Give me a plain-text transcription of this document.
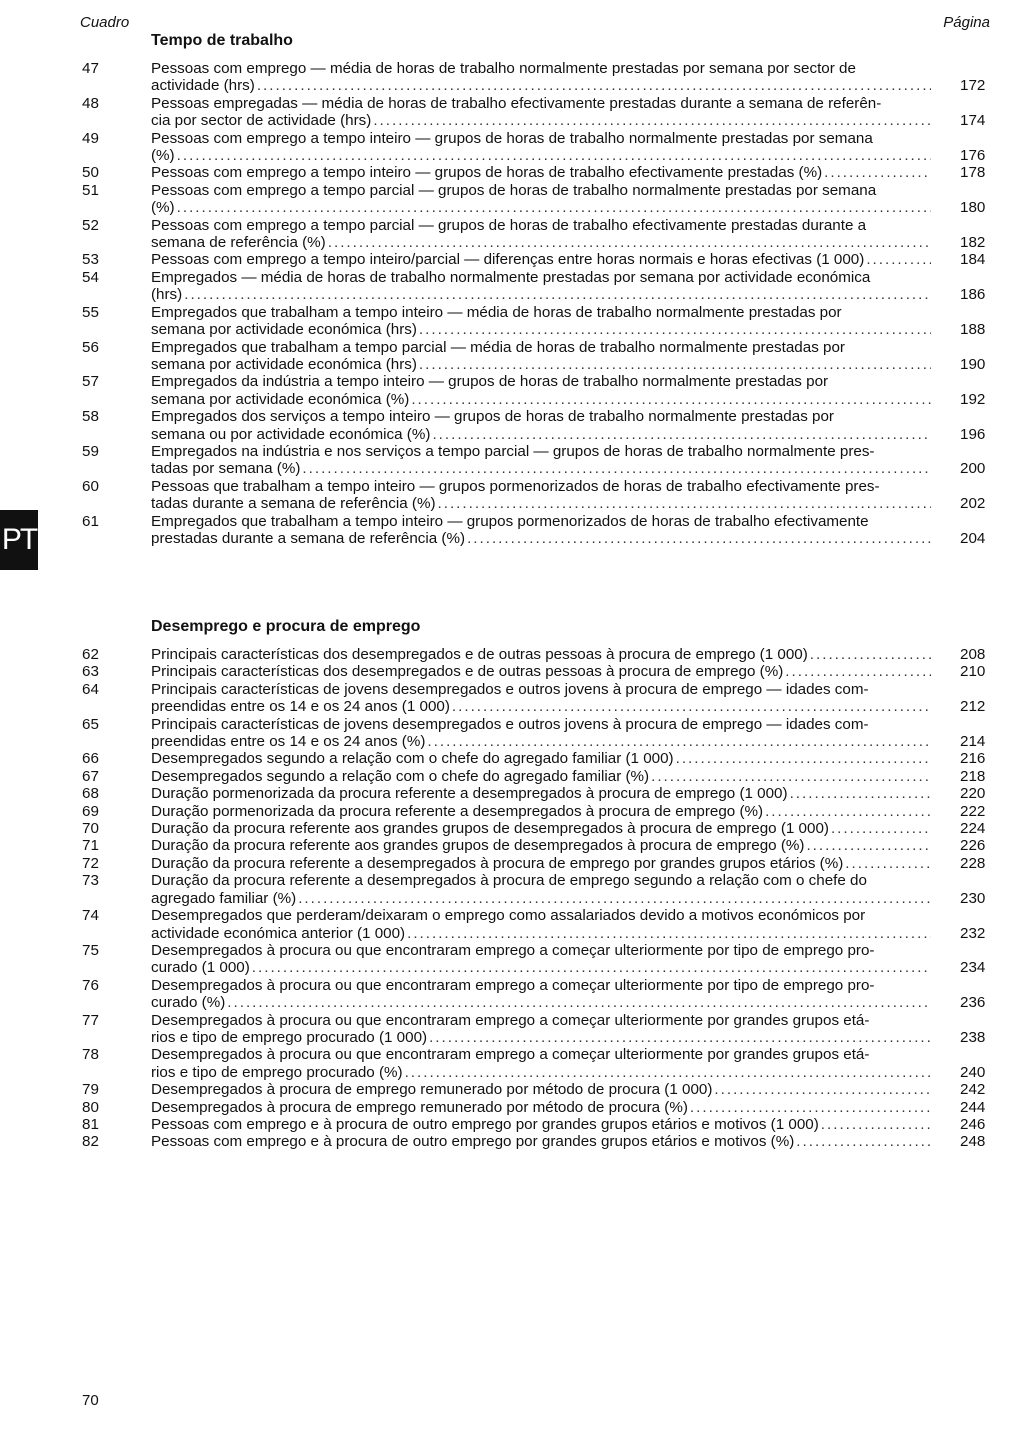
Cuadro	Página
Tempo de trabalho
47	Pessoas com emprego — média de horas de trabalho normalmente prestadas por semana por sector de
actividade (hrs) .....	172
48	Pessoas empregadas — média de horas de trabalho efectivamente prestadas durante a semana de referên-
cia por sector de actividade (hrs) .....	174
49	Pessoas com emprego a tempo inteiro — grupos de horas de trabalho normalmente prestadas por semana
(%) .....	176
50	Pessoas com emprego a tempo inteiro — grupos de horas de trabalho efectivamente prestadas (%) .....	178
51	Pessoas com emprego a tempo parcial — grupos de horas de trabalho normalmente prestadas por semana
(%) .....	180
52	Pessoas com emprego a tempo parcial — grupos de horas de trabalho efectivamente prestadas durante a
semana de referência (%) .....	182
53	Pessoas com emprego a tempo inteiro/parcial — diferenças entre horas normais e horas efectivas (1 000) .....	184
54	Empregados — média de horas de trabalho normalmente prestadas por semana por actividade económica
(hrs) .....	186
55	Empregados que trabalham a tempo inteiro — média de horas de trabalho normalmente prestadas por
semana por actividade económica (hrs) .....	188
56	Empregados que trabalham a tempo parcial — média de horas de trabalho normalmente prestadas por
semana por actividade económica (hrs) .....	190
57	Empregados da indústria a tempo inteiro — grupos de horas de trabalho normalmente prestadas por
semana por actividade económica (%) .....	192
58	Empregados dos serviços a tempo inteiro — grupos de horas de trabalho normalmente prestadas por
semana ou por actividade económica (%) .....	196
59	Empregados na indústria e nos serviços a tempo parcial — grupos de horas de trabalho normalmente pres-
tadas por semana (%) .....	200
60	Pessoas que trabalham a tempo inteiro — grupos pormenorizados de horas de trabalho efectivamente pres-
tadas durante a semana de referência (%) .....	202
61	Empregados que trabalham a tempo inteiro — grupos pormenorizados de horas de trabalho efectivamente
prestadas durante a semana de referência (%) .....	204
PT
Desemprego e procura de emprego
62	Principais características dos desempregados e de outras pessoas à procura de emprego (1 000) .....	208
63	Principais características dos desempregados e de outras pessoas à procura de emprego (%) .....	210
64	Principais características de jovens desempregados e outros jovens à procura de emprego — idades com-
preendidas entre os 14 e os 24 anos (1 000) .....	212
65	Principais características de jovens desempregados e outros jovens à procura de emprego — idades com-
preendidas entre os 14 e os 24 anos (%) .....	214
66	Desempregados segundo a relação com o chefe do agregado familiar (1 000) .....	216
67	Desempregados segundo a relação com o chefe do agregado familiar (%) .....	218
68	Duração pormenorizada da procura referente a desempregados à procura de emprego (1 000) .....	220
69	Duração pormenorizada da procura referente a desempregados à procura de emprego (%) .....	222
70	Duração da procura referente aos grandes grupos de desempregados à procura de emprego (1 000) .....	224
71	Duração da procura referente aos grandes grupos de desempregados à procura de emprego (%) .....	226
72	Duração da procura referente a desempregados à procura de emprego por grandes grupos etários (%) .....	228
73	Duração da procura referente a desempregados à procura de emprego segundo a relação com o chefe do
agregado familiar (%) .....	230
74	Desempregados que perderam/deixaram o emprego como assalariados devido a motivos económicos por
actividade económica anterior (1 000) .....	232
75	Desempregados à procura ou que encontraram emprego a começar ulteriormente por tipo de emprego pro-
curado (1 000) .....	234
76	Desempregados à procura ou que encontraram emprego a começar ulteriormente por tipo de emprego pro-
curado (%) .....	236
77	Desempregados à procura ou que encontraram emprego a começar ulteriormente por grandes grupos etá-
rios e tipo de emprego procurado (1 000) .....	238
78	Desempregados à procura ou que encontraram emprego a começar ulteriormente por grandes grupos etá-
rios e tipo de emprego procurado (%) .....	240
79	Desempregados à procura de emprego remunerado por método de procura (1 000) .....	242
80	Desempregados à procura de emprego remunerado por método de procura (%) .....	244
81	Pessoas com emprego e à procura de outro emprego por grandes grupos etários e motivos (1 000) .....	246
82	Pessoas com emprego e à procura de outro emprego por grandes grupos etários e motivos (%) .....	248
70
